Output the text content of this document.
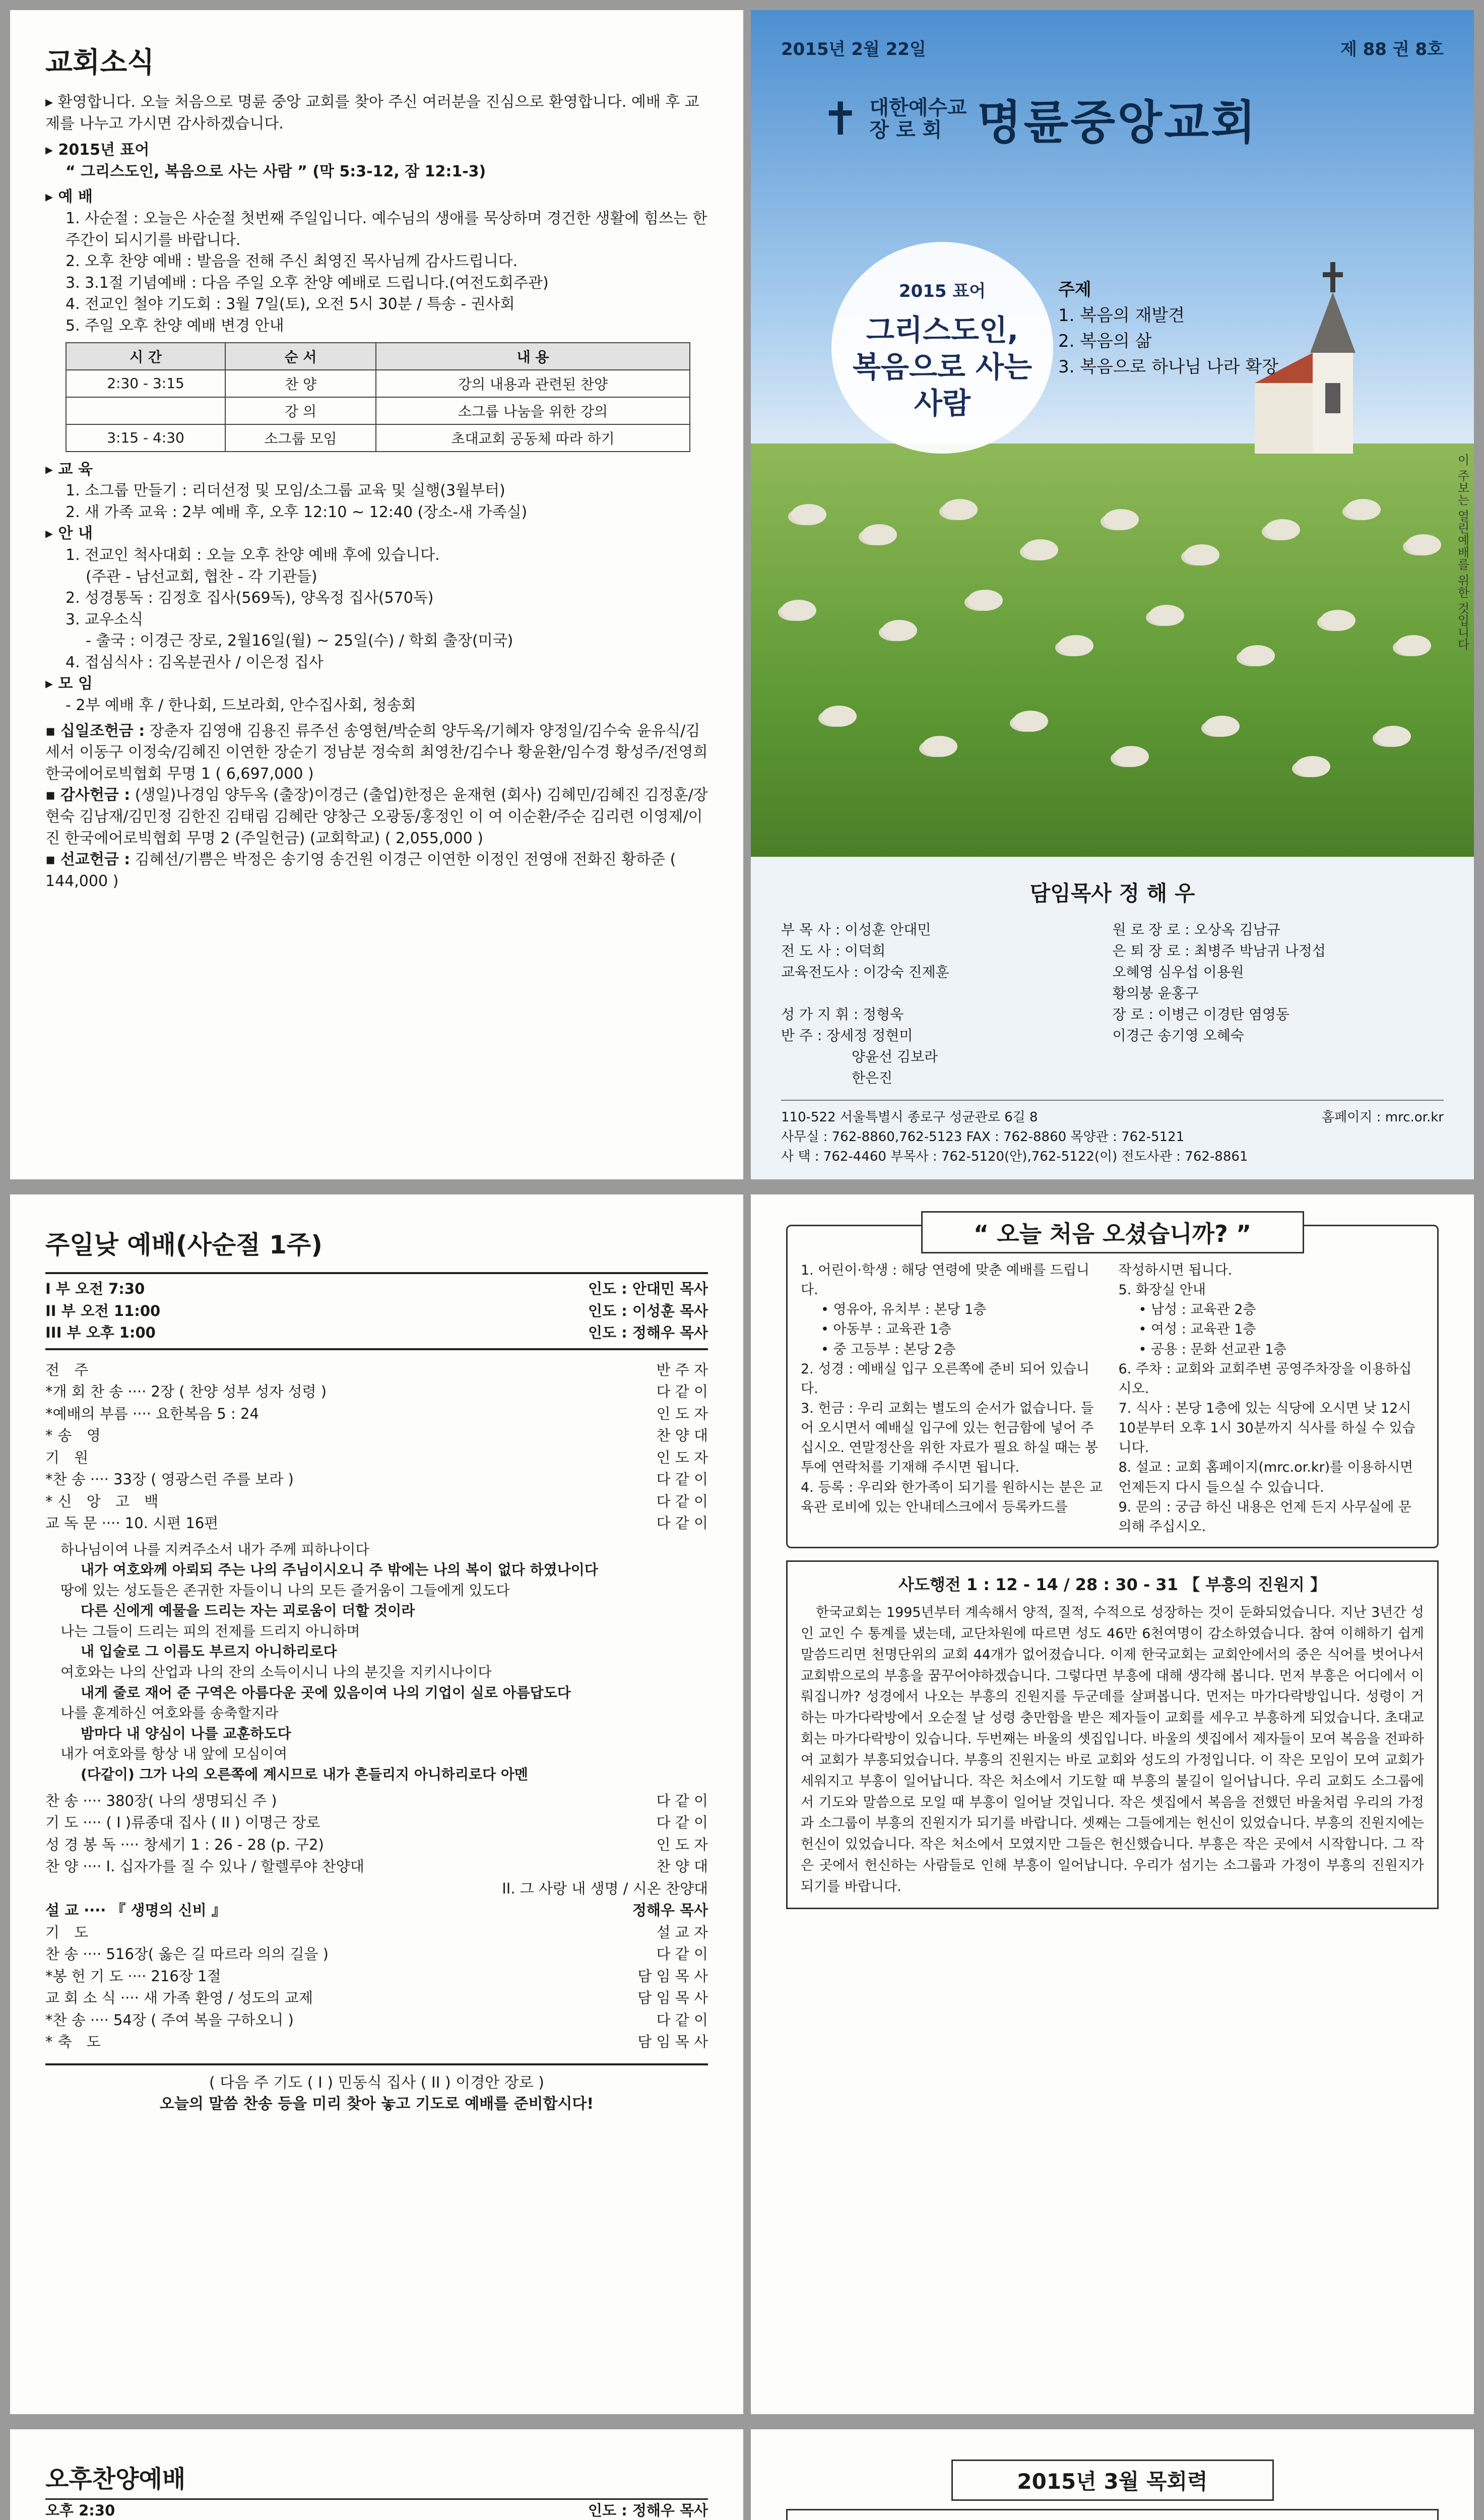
교회소식

▸ 환영합니다. 오늘 처음으로 명륜 중앙 교회를 찾아 주신 여러분을 진심으로 환영합니다. 예배 후 교제를 나누고 가시면 감사하겠습니다.

▸ 2015년 표어

“ 그리스도인, 복음으로 사는 사람 ” (막 5:3-12, 잠 12:1-3)

▸ 예 배

1. 사순절 : 오늘은 사순절 첫번째 주일입니다. 예수님의 생애를 묵상하며 경건한 생활에 힘쓰는 한 주간이 되시기를 바랍니다.

2. 오후 찬양 예배 : 발음을 전해 주신 최영진 목사님께 감사드립니다.

3. 3.1절 기념예배 : 다음 주일 오후 찬양 예배로 드립니다.(여전도회주관)

4. 전교인 철야 기도회 : 3월 7일(토), 오전 5시 30분 / 특송 - 권사회

5. 주일 오후 찬양 예배 변경 안내

시 간	순 서	내 용
2:30 - 3:15	찬 양	강의 내용과 관련된 찬양
	강 의	소그룹 나눔을 위한 강의
3:15 - 4:30	소그룹 모임	초대교회 공동체 따라 하기

▸ 교 육

1. 소그룹 만들기 : 리더선정 및 모임/소그룹 교육 및 실행(3월부터)

2. 새 가족 교육 : 2부 예배 후, 오후 12:10 ~ 12:40 (장소-새 가족실)

▸ 안 내

1. 전교인 척사대회 : 오늘 오후 찬양 예배 후에 있습니다.

(주관 - 남선교회, 협찬 - 각 기관들)

2. 성경통독 : 김정호 집사(569독), 양옥정 집사(570독)

3. 교우소식

- 출국 : 이경근 장로, 2월16일(월) ~ 25일(수) / 학회 출장(미국)

4. 접심식사 : 김옥분권사 / 이은정 집사

▸ 모 임

- 2부 예배 후 / 한나회, 드보라회, 안수집사회, 청송회

▪ 십일조헌금 : 장춘자 김영애 김용진 류주선 송영현/박순희 양두옥/기혜자 양정일/김수숙 윤유식/김세서 이동구 이정숙/김혜진 이연한 장순기 정남분 정숙희 최영찬/김수나 황윤환/임수경 황성주/전영희 한국에어로빅협회 무명 1 ( 6,697,000 )

▪ 감사헌금 : (생일)나경임 양두옥 (출장)이경근 (출업)한정은 윤재현 (회사) 김혜민/김혜진 김정훈/장현숙 김남재/김민정 김한진 김태림 김혜란 양창근 오광동/홍정인 이 여 이순환/주순 김리련 이영제/이진 한국에어로빅협회 무명 2 (주일헌금) (교회학교) ( 2,055,000 )

▪ 선교헌금 : 김혜선/기쁨은 박정은 송기영 송건원 이경근 이연한 이정인 전영애 전화진 황하준 ( 144,000 )

2015년 2월 22일	제 88 권 8호
✝ 대한예수교
장 로 회 명륜중앙교회
2015 표어
그리스도인,
복음으로 사는
사람
주제
1. 복음의 재발견
2. 복음의 삶
3. 복음으로 하나님 나라 확장
이 주보는 열린예배를 위한 것입니다
담임목사 정 해 우
부 목 사 : 이성훈 안대민	원 로 장 로 : 오상옥 김남규
전 도 사 : 이덕희	은 퇴 장 로 : 최병주 박남귀 나정섭
교육전도사 : 이강숙 진제훈	오혜영 심우섭 이용원
황의붕 윤홍구
성 가 지 휘 : 정형욱	장 로 : 이병근 이경탄 염영동
반 주 : 장세정 정현미	이경근 송기영 오혜숙
양윤선 김보라
한은진
110-522 서울특별시 종로구 성균관로 6길 8	홈페이지 : mrc.or.kr
사무실 : 762-8860,762-5123 FAX : 762-8860 목양관 : 762-5121
사 택 : 762-4460 부목사 : 762-5120(안),762-5122(이) 전도사관 : 762-8861
주일낮 예배(사순절 1주)
I 부 오전 7:30	인도 : 안대민 목사
II 부 오전 11:00	인도 : 이성훈 목사
III 부 오후 1:00	인도 : 정해우 목사
전 주	반 주 자
*개 회 찬 송 ···· 2장 ( 찬양 성부 성자 성령 )	다 같 이
*예배의 부름 ···· 요한복음 5 : 24	인 도 자
*송 영	찬 양 대
기 원	인 도 자
*찬 송 ···· 33장 ( 영광스런 주를 보라 )	다 같 이
*신 앙 고 백	다 같 이
교 독 문 ···· 10. 시편 16편	다 같 이

하나님이여 나를 지켜주소서 내가 주께 피하나이다

내가 여호와께 아뢰되 주는 나의 주님이시오니 주 밖에는 나의 복이 없다 하였나이다

땅에 있는 성도들은 존귀한 자들이니 나의 모든 즐거움이 그들에게 있도다

다른 신에게 예물을 드리는 자는 괴로움이 더할 것이라

나는 그들이 드리는 피의 전제를 드리지 아니하며

내 입술로 그 이름도 부르지 아니하리로다

여호와는 나의 산업과 나의 잔의 소득이시니 나의 분깃을 지키시나이다

내게 줄로 재어 준 구역은 아름다운 곳에 있음이여 나의 기업이 실로 아름답도다

나를 훈계하신 여호와를 송축할지라

밤마다 내 양심이 나를 교훈하도다

내가 여호와를 항상 내 앞에 모심이여

(다같이) 그가 나의 오른쪽에 계시므로 내가 흔들리지 아니하리로다 아멘

찬 송 ···· 380장( 나의 생명되신 주 )	다 같 이
기 도 ···· ( I )류종대 집사 ( II ) 이명근 장로	다 같 이
성 경 봉 독 ···· 창세기 1 : 26 - 28 (p. 구2)	인 도 자
찬 양 ···· I. 십자가를 질 수 있나 / 할렐루야 찬양대	찬 양 대
II. 그 사랑 내 생명 / 시온 찬양대
설 교 ···· 『 생명의 신비 』	정해우 목사
기 도	설 교 자
찬 송 ···· 516장( 옳은 길 따르라 의의 길을 )	다 같 이
*봉 헌 기 도 ···· 216장 1절	담 임 목 사
교 회 소 식 ···· 새 가족 환영 / 성도의 교제	담 임 목 사
*찬 송 ···· 54장 ( 주여 복을 구하오니 )	다 같 이
*축 도	담 임 목 사

( 다음 주 기도 ( I ) 민동식 집사 ( II ) 이경안 장로 )

오늘의 말씀 찬송 등을 미리 찾아 놓고 기도로 예배를 준비합시다!

“ 오늘 처음 오셨습니까? ”

1. 어린이·학생 : 해당 연령에 맞춘 예배를 드립니다.

• 영유아, 유치부 : 본당 1층

• 아동부 : 교육관 1층

• 중 고등부 : 본당 2층

2. 성경 : 예배실 입구 오른쪽에 준비 되어 있습니다.

3. 헌금 : 우리 교회는 별도의 순서가 없습니다. 들어 오시면서 예배실 입구에 있는 헌금함에 넣어 주십시오. 연말정산을 위한 자료가 필요 하실 때는 봉투에 연락처를 기재해 주시면 됩니다.

4. 등록 : 우리와 한가족이 되기를 원하시는 분은 교육관 로비에 있는 안내데스크에서 등록카드를

작성하시면 됩니다.

5. 화장실 안내

• 남성 : 교육관 2층

• 여성 : 교육관 1층

• 공용 : 문화 선교관 1층

6. 주차 : 교회와 교회주변 공영주차장을 이용하십시오.

7. 식사 : 본당 1층에 있는 식당에 오시면 낮 12시 10분부터 오후 1시 30분까지 식사를 하실 수 있습니다.

8. 설교 : 교회 홈페이지(mrc.or.kr)를 이용하시면 언제든지 다시 들으실 수 있습니다.

9. 문의 : 궁금 하신 내용은 언제 든지 사무실에 문의해 주십시오.

사도행전 1 : 12 - 14 / 28 : 30 - 31 【 부흥의 진원지 】

한국교회는 1995년부터 계속해서 양적, 질적, 수적으로 성장하는 것이 둔화되었습니다. 지난 3년간 성인 교인 수 통계를 냈는데, 교단차원에 따르면 성도 46만 6천여명이 감소하였습니다. 참여 이해하기 쉽게 말씀드리면 천명단위의 교회 44개가 없어졌습니다. 이제 한국교회는 교회안에서의 중은 식어를 벗어나서 교회밖으로의 부흥을 꿈꾸어야하겠습니다. 그렇다면 부흥에 대해 생각해 봅니다. 먼저 부흥은 어디에서 이뤄집니까? 성경에서 나오는 부흥의 진원지를 두군데를 살펴봅니다. 먼저는 마가다락방입니다. 성령이 거하는 마가다락방에서 오순절 날 성령 충만함을 받은 제자들이 교회를 세우고 부흥하게 되었습니다. 초대교회는 마가다락방이 있습니다. 두번째는 바울의 셋집입니다. 바울의 셋집에서 제자들이 모여 복음을 전파하여 교회가 부흥되었습니다. 부흥의 진원지는 바로 교회와 성도의 가정입니다. 이 작은 모임이 모여 교회가 세워지고 부흥이 일어납니다. 작은 처소에서 기도할 때 부흥의 불길이 일어납니다. 우리 교회도 소그룹에서 기도와 말씀으로 모일 때 부흥이 일어날 것입니다. 작은 셋집에서 복음을 전했던 바울처럼 우리의 가정과 소그룹이 부흥의 진원지가 되기를 바랍니다. 셋째는 그들에게는 헌신이 있었습니다. 부흥의 진원지에는 헌신이 있었습니다. 작은 처소에서 모였지만 그들은 헌신했습니다. 부흥은 작은 곳에서 시작합니다. 그 작은 곳에서 헌신하는 사람들로 인해 부흥이 일어납니다. 우리가 섬기는 소그룹과 가정이 부흥의 진원지가 되기를 바랍니다.

오후찬양예배
오후 2:30	인도 : 정해우 목사

2015년 3월 목회력
